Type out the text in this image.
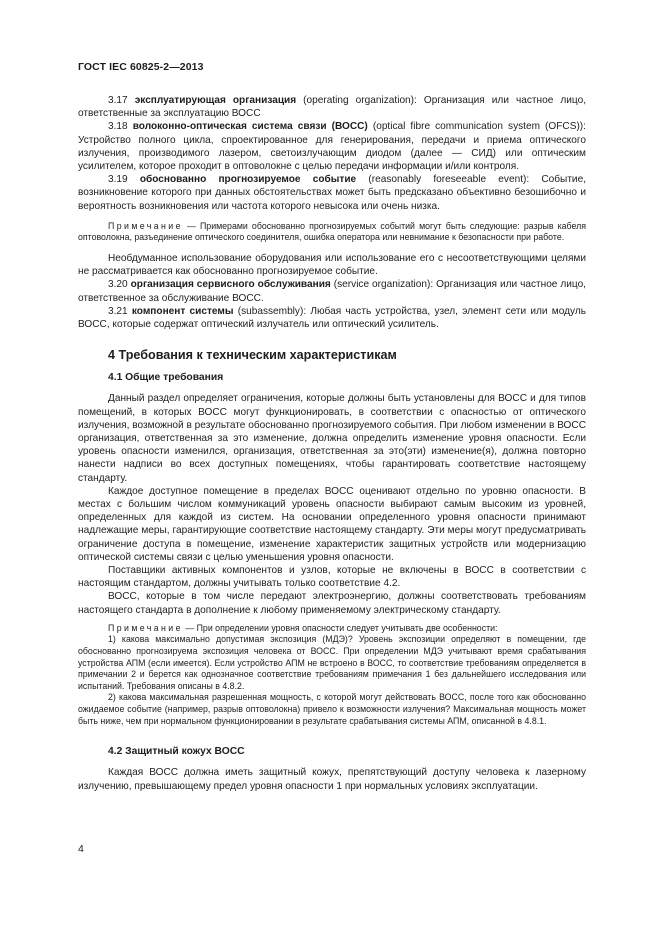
ГОСТ IEC 60825-2—2013

3.17 эксплуатирующая организация (operating organization): Организация или частное лицо, ответственные за эксплуатацию ВОСС

3.18 волоконно-оптическая система связи (ВОСС) (optical fibre communication system (OFCS)): Устройство полного цикла, спроектированное для генерирования, передачи и приема оптического излучения, производимого лазером, светоизлучающим диодом (далее — СИД) или оптическим усилителем, которое проходит в оптоволокне с целью передачи информации и/или контроля.

3.19 обоснованно прогнозируемое событие (reasonably foreseeable event): Событие, возникновение которого при данных обстоятельствах может быть предсказано объективно безошибочно и вероятность возникновения или частота которого невысока или очень низка.

Примечание — Примерами обоснованно прогнозируемых событий могут быть следующие: разрыв кабеля оптоволокна, разъединение оптического соединителя, ошибка оператора или невнимание к безопасности при работе.

Необдуманное использование оборудования или использование его с несоответствующими целями не рассматривается как обоснованно прогнозируемое событие.

3.20 организация сервисного обслуживания (service organization): Организация или частное лицо, ответственное за обслуживание ВОСС.

3.21 компонент системы (subassembly): Любая часть устройства, узел, элемент сети или модуль ВОСС, которые содержат оптический излучатель или оптический усилитель.

4 Требования к техническим характеристикам
4.1 Общие требования

Данный раздел определяет ограничения, которые должны быть установлены для ВОСС и для типов помещений, в которых ВОСС могут функционировать, в соответствии с опасностью от оптического излучения, возможной в результате обоснованно прогнозируемого события. При любом изменении в ВОСС организация, ответственная за это изменение, должна определить изменение уровня опасности. Если уровень опасности изменился, организация, ответственная за это(эти) изменение(я), должна повторно нанести надписи во всех доступных помещениях, чтобы гарантировать соответствие настоящему стандарту.

Каждое доступное помещение в пределах ВОСС оценивают отдельно по уровню опасности. В местах с большим числом коммуникаций уровень опасности выбирают самым высоким из уровней, определенных для каждой из систем. На основании определенного уровня опасности принимают надлежащие меры, гарантирующие соответствие настоящему стандарту. Эти меры могут предусматривать ограничение доступа в помещение, изменение характеристик защитных устройств или модернизацию оптической системы связи с целью уменьшения уровня опасности.

Поставщики активных компонентов и узлов, которые не включены в ВОСС в соответствии с настоящим стандартом, должны учитывать только соответствие 4.2.

ВОСС, которые в том числе передают электроэнергию, должны соответствовать требованиям настоящего стандарта в дополнение к любому применяемому электрическому стандарту.

Примечание — При определении уровня опасности следует учитывать две особенности:

1) какова максимально допустимая экспозиция (МДЭ)? Уровень экспозиции определяют в помещении, где обоснованно прогнозируема экспозиция человека от ВОСС. При определении МДЭ учитывают время срабатывания устройства АПМ (если имеется). Если устройство АПМ не встроено в ВОСС, то соответствие требованиям определяется в примечании 2 и берется как однозначное соответствие требованиям примечания 1 без дальнейшего исследования или испытаний. Требования описаны в 4.8.2.

2) какова максимальная разрешенная мощность, с которой могут действовать ВОСС, после того как обоснованно ожидаемое событие (например, разрыв оптоволокна) привело к возможности излучения? Максимальная мощность может быть ниже, чем при нормальном функционировании в результате срабатывания системы АПМ, описанной в 4.8.1.

4.2 Защитный кожух ВОСС

Каждая ВОСС должна иметь защитный кожух, препятствующий доступу человека к лазерному излучению, превышающему предел уровня опасности 1 при нормальных условиях эксплуатации.

4
